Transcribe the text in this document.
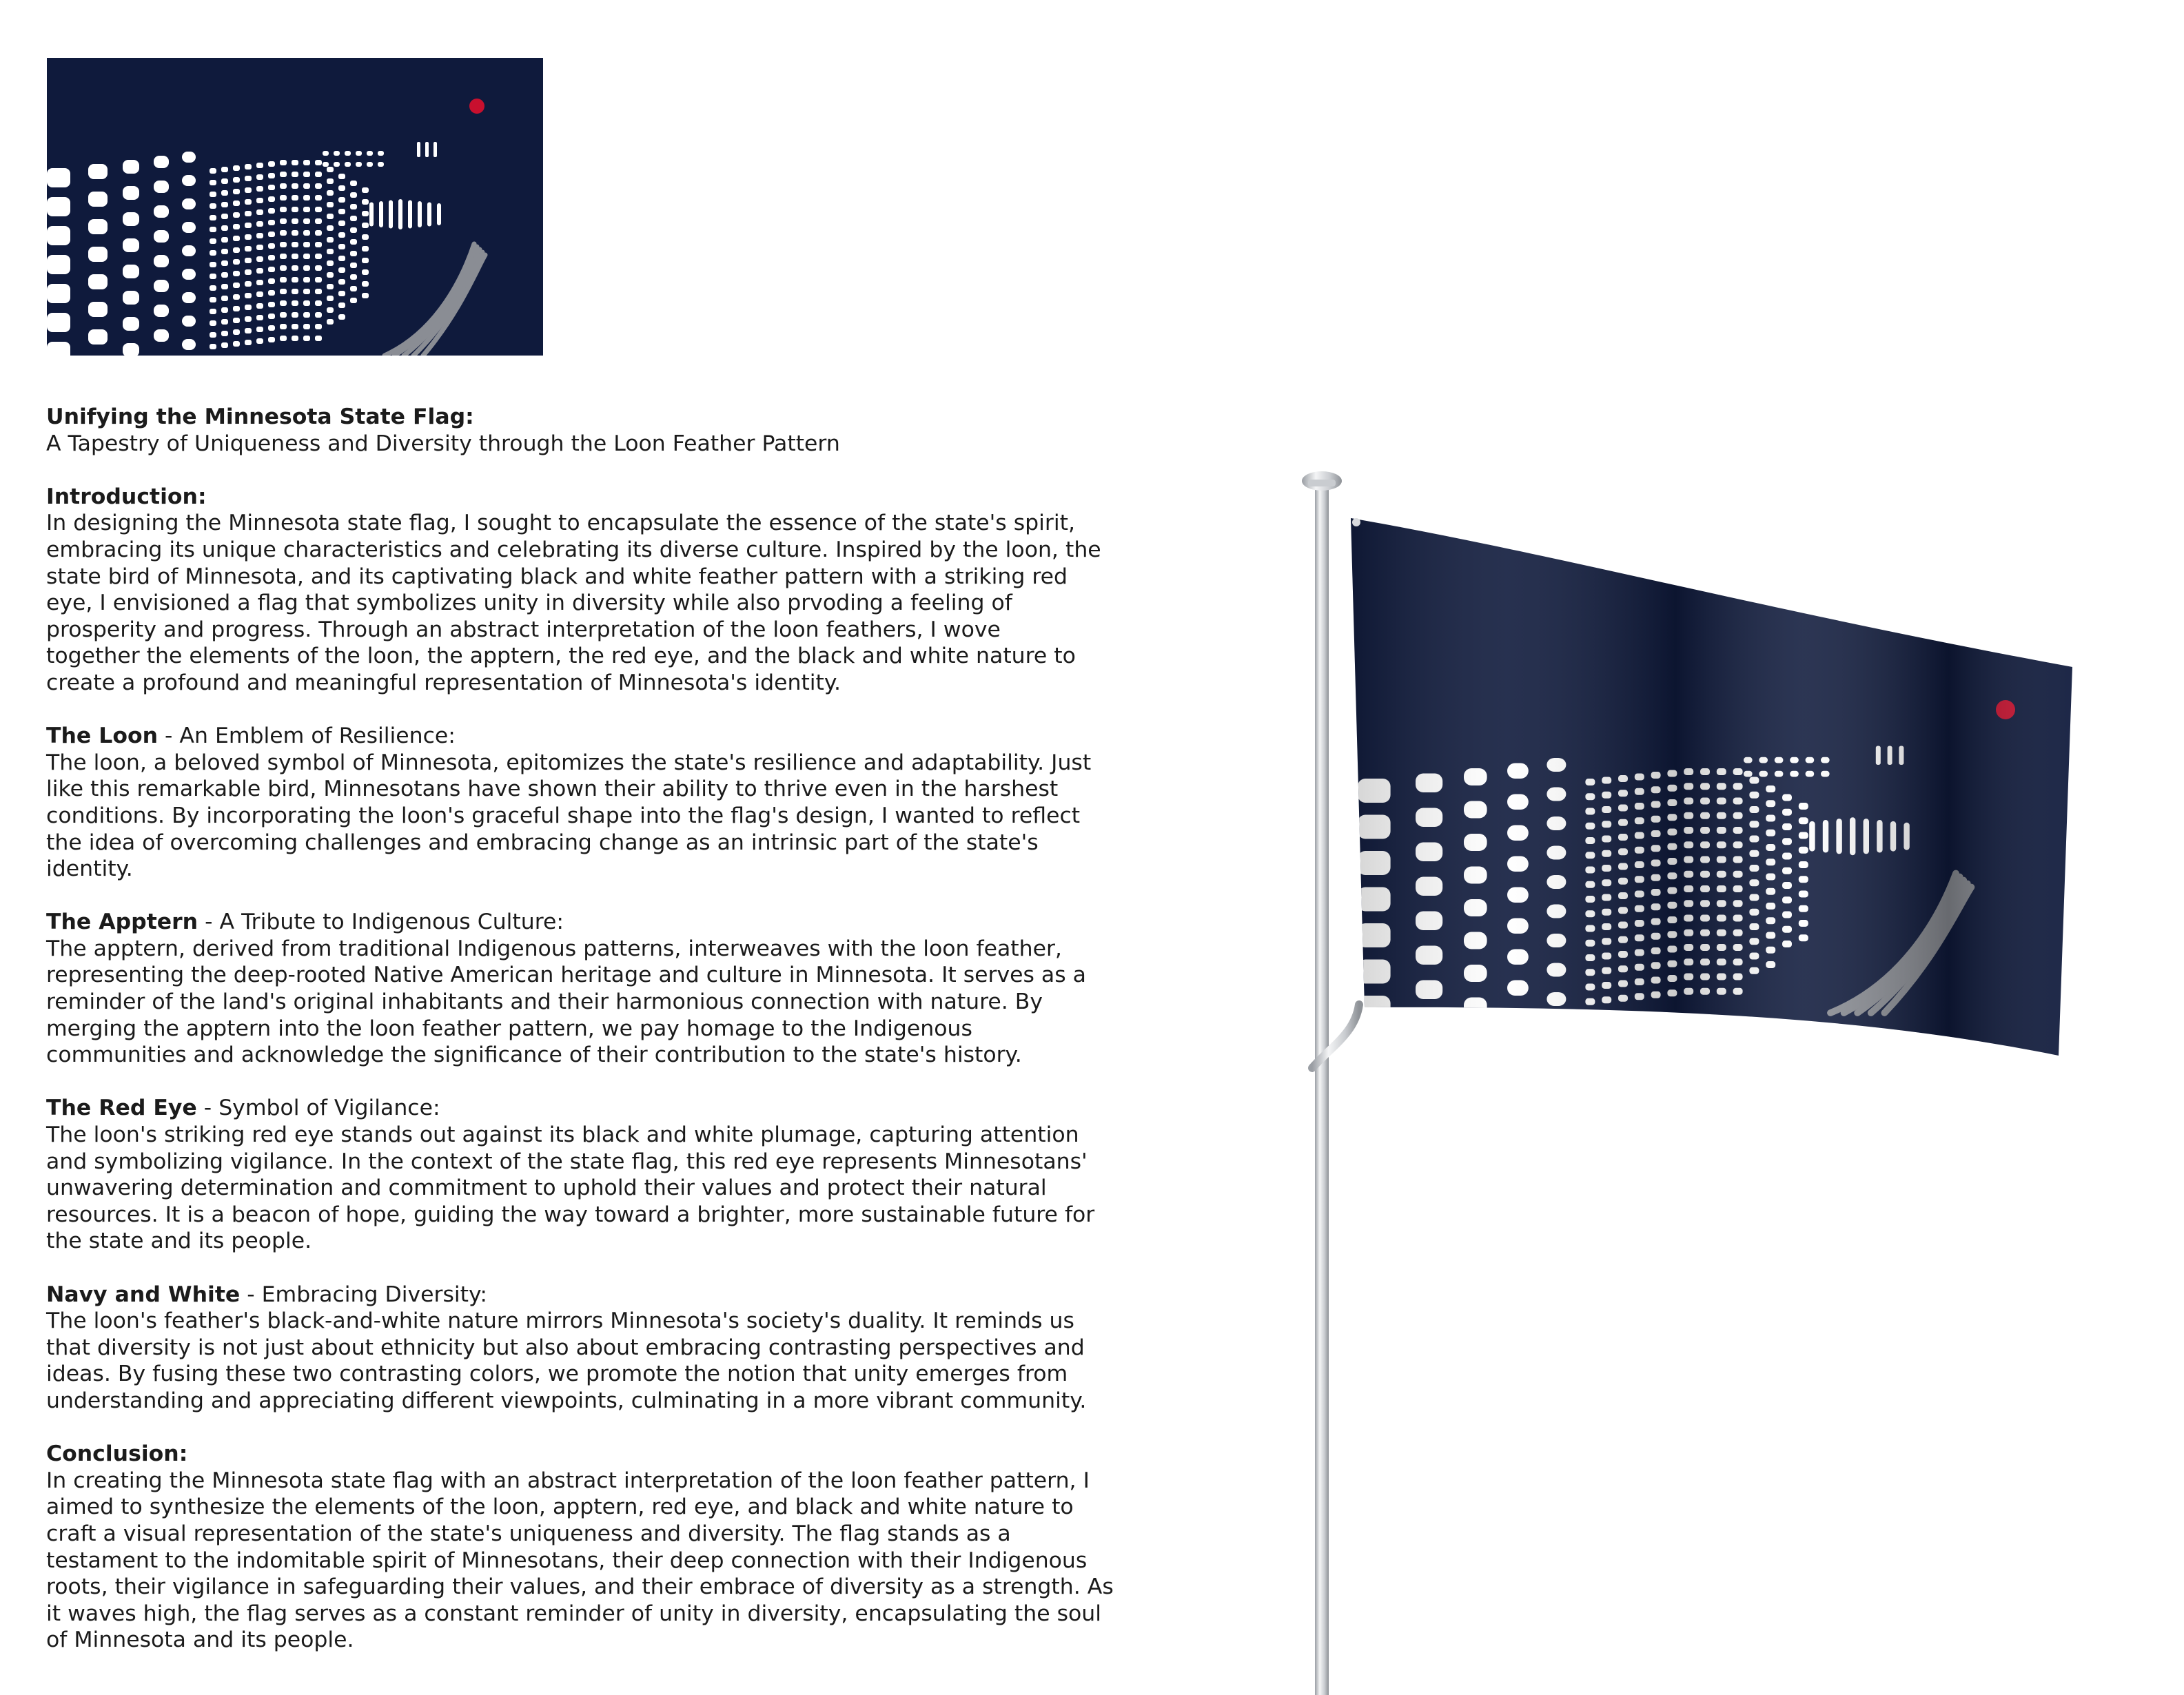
Unifying the Minnesota State Flag:

A Tapestry of Uniqueness and Diversity through the Loon Feather Pattern

Introduction:

In designing the Minnesota state flag, I sought to encapsulate the essence of the state's spirit,

embracing its unique characteristics and celebrating its diverse culture. Inspired by the loon, the

state bird of Minnesota, and its captivating black and white feather pattern with a striking red

eye, I envisioned a flag that symbolizes unity in diversity while also prvoding a feeling of

prosperity and progress. Through an abstract interpretation of the loon feathers, I wove

together the elements of the loon, the apptern, the red eye, and the black and white nature to

create a profound and meaningful representation of Minnesota's identity.

The Loon - An Emblem of Resilience:

The loon, a beloved symbol of Minnesota, epitomizes the state's resilience and adaptability. Just

like this remarkable bird, Minnesotans have shown their ability to thrive even in the harshest

conditions. By incorporating the loon's graceful shape into the flag's design, I wanted to reflect

the idea of overcoming challenges and embracing change as an intrinsic part of the state's

identity.

The Apptern - A Tribute to Indigenous Culture:

The apptern, derived from traditional Indigenous patterns, interweaves with the loon feather,

representing the deep-rooted Native American heritage and culture in Minnesota. It serves as a

reminder of the land's original inhabitants and their harmonious connection with nature. By

merging the apptern into the loon feather pattern, we pay homage to the Indigenous

communities and acknowledge the significance of their contribution to the state's history.

The Red Eye - Symbol of Vigilance:

The loon's striking red eye stands out against its black and white plumage, capturing attention

and symbolizing vigilance. In the context of the state flag, this red eye represents Minnesotans'

unwavering determination and commitment to uphold their values and protect their natural

resources. It is a beacon of hope, guiding the way toward a brighter, more sustainable future for

the state and its people.

Navy and White - Embracing Diversity:

The loon's feather's black-and-white nature mirrors Minnesota's society's duality. It reminds us

that diversity is not just about ethnicity but also about embracing contrasting perspectives and

ideas. By fusing these two contrasting colors, we promote the notion that unity emerges from

understanding and appreciating different viewpoints, culminating in a more vibrant community.

Conclusion:

In creating the Minnesota state flag with an abstract interpretation of the loon feather pattern, I

aimed to synthesize the elements of the loon, apptern, red eye, and black and white nature to

craft a visual representation of the state's uniqueness and diversity. The flag stands as a

testament to the indomitable spirit of Minnesotans, their deep connection with their Indigenous

roots, their vigilance in safeguarding their values, and their embrace of diversity as a strength. As

it waves high, the flag serves as a constant reminder of unity in diversity, encapsulating the soul

of Minnesota and its people.
